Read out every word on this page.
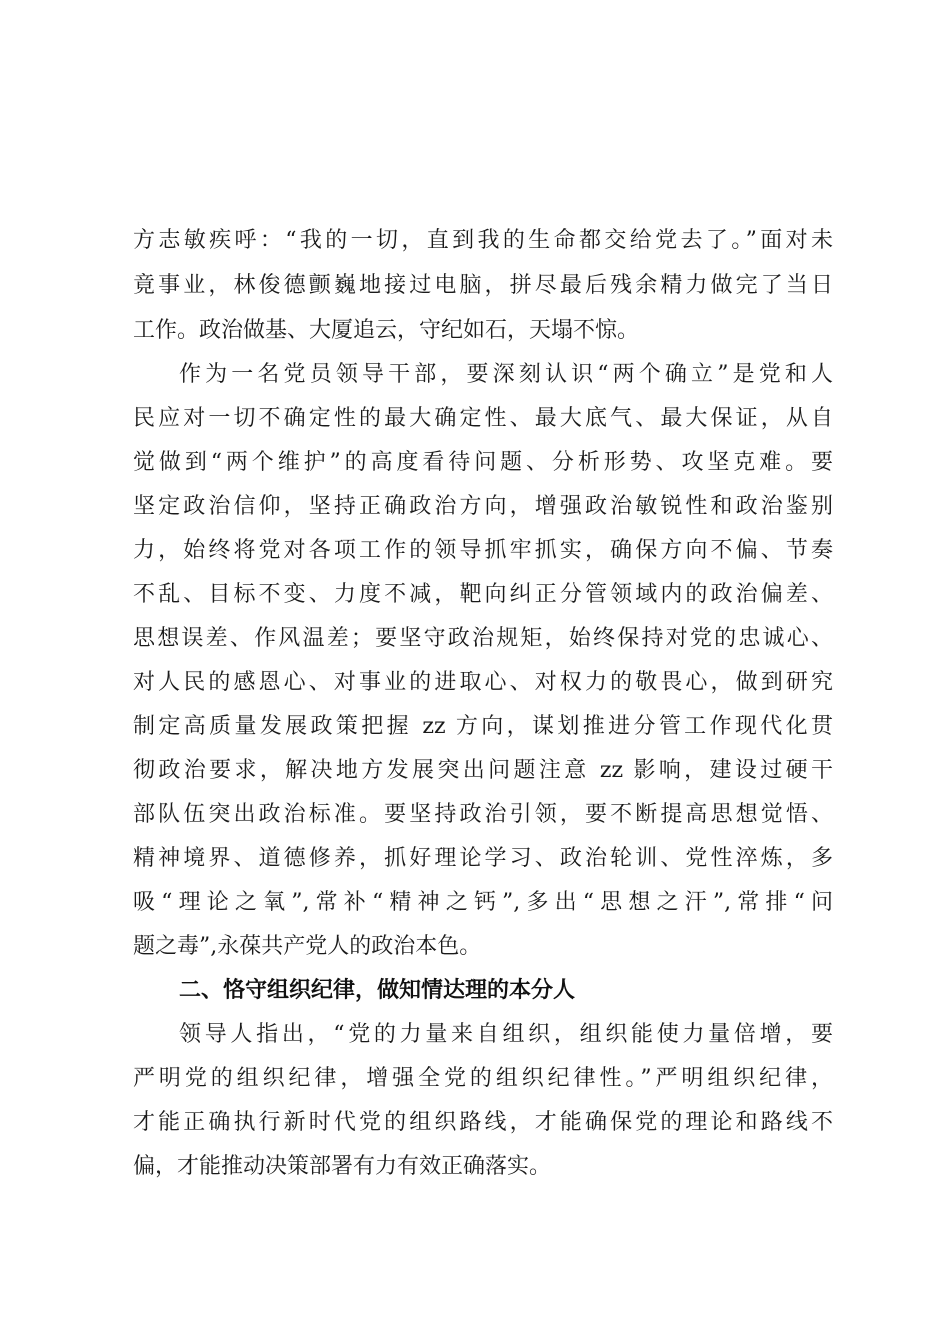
方志敏疾呼：“我的一切，直到我的生命都交给党去了。”面对未
竟事业，林俊德颤巍地接过电脑，拼尽最后残余精力做完了当日
工作。政治做基、大厦追云，守纪如石，天塌不惊。
作为一名党员领导干部，要深刻认识“两个确立”是党和人
民应对一切不确定性的最大确定性、最大底气、最大保证，从自
觉做到“两个维护”的高度看待问题、分析形势、攻坚克难。要
坚定政治信仰，坚持正确政治方向，增强政治敏锐性和政治鉴别
力，始终将党对各项工作的领导抓牢抓实，确保方向不偏、节奏
不乱、目标不变、力度不减，靶向纠正分管领域内的政治偏差、
思想误差、作风温差；要坚守政治规矩，始终保持对党的忠诚心、
对人民的感恩心、对事业的进取心、对权力的敬畏心，做到研究
制定高质量发展政策把握 zz 方向，谋划推进分管工作现代化贯
彻政治要求，解决地方发展突出问题注意 zz 影响，建设过硬干
部队伍突出政治标准。要坚持政治引领，要不断提高思想觉悟、
精神境界、道德修养，抓好理论学习、政治轮训、党性淬炼，多
吸“理论之氧”,常补“精神之钙”,多出“思想之汗”,常排“问
题之毒”,永葆共产党人的政治本色。
二、恪守组织纪律，做知情达理的本分人
领导人指出，“党的力量来自组织，组织能使力量倍增，要
严明党的组织纪律，增强全党的组织纪律性。”严明组织纪律，
才能正确执行新时代党的组织路线，才能确保党的理论和路线不
偏，才能推动决策部署有力有效正确落实。
